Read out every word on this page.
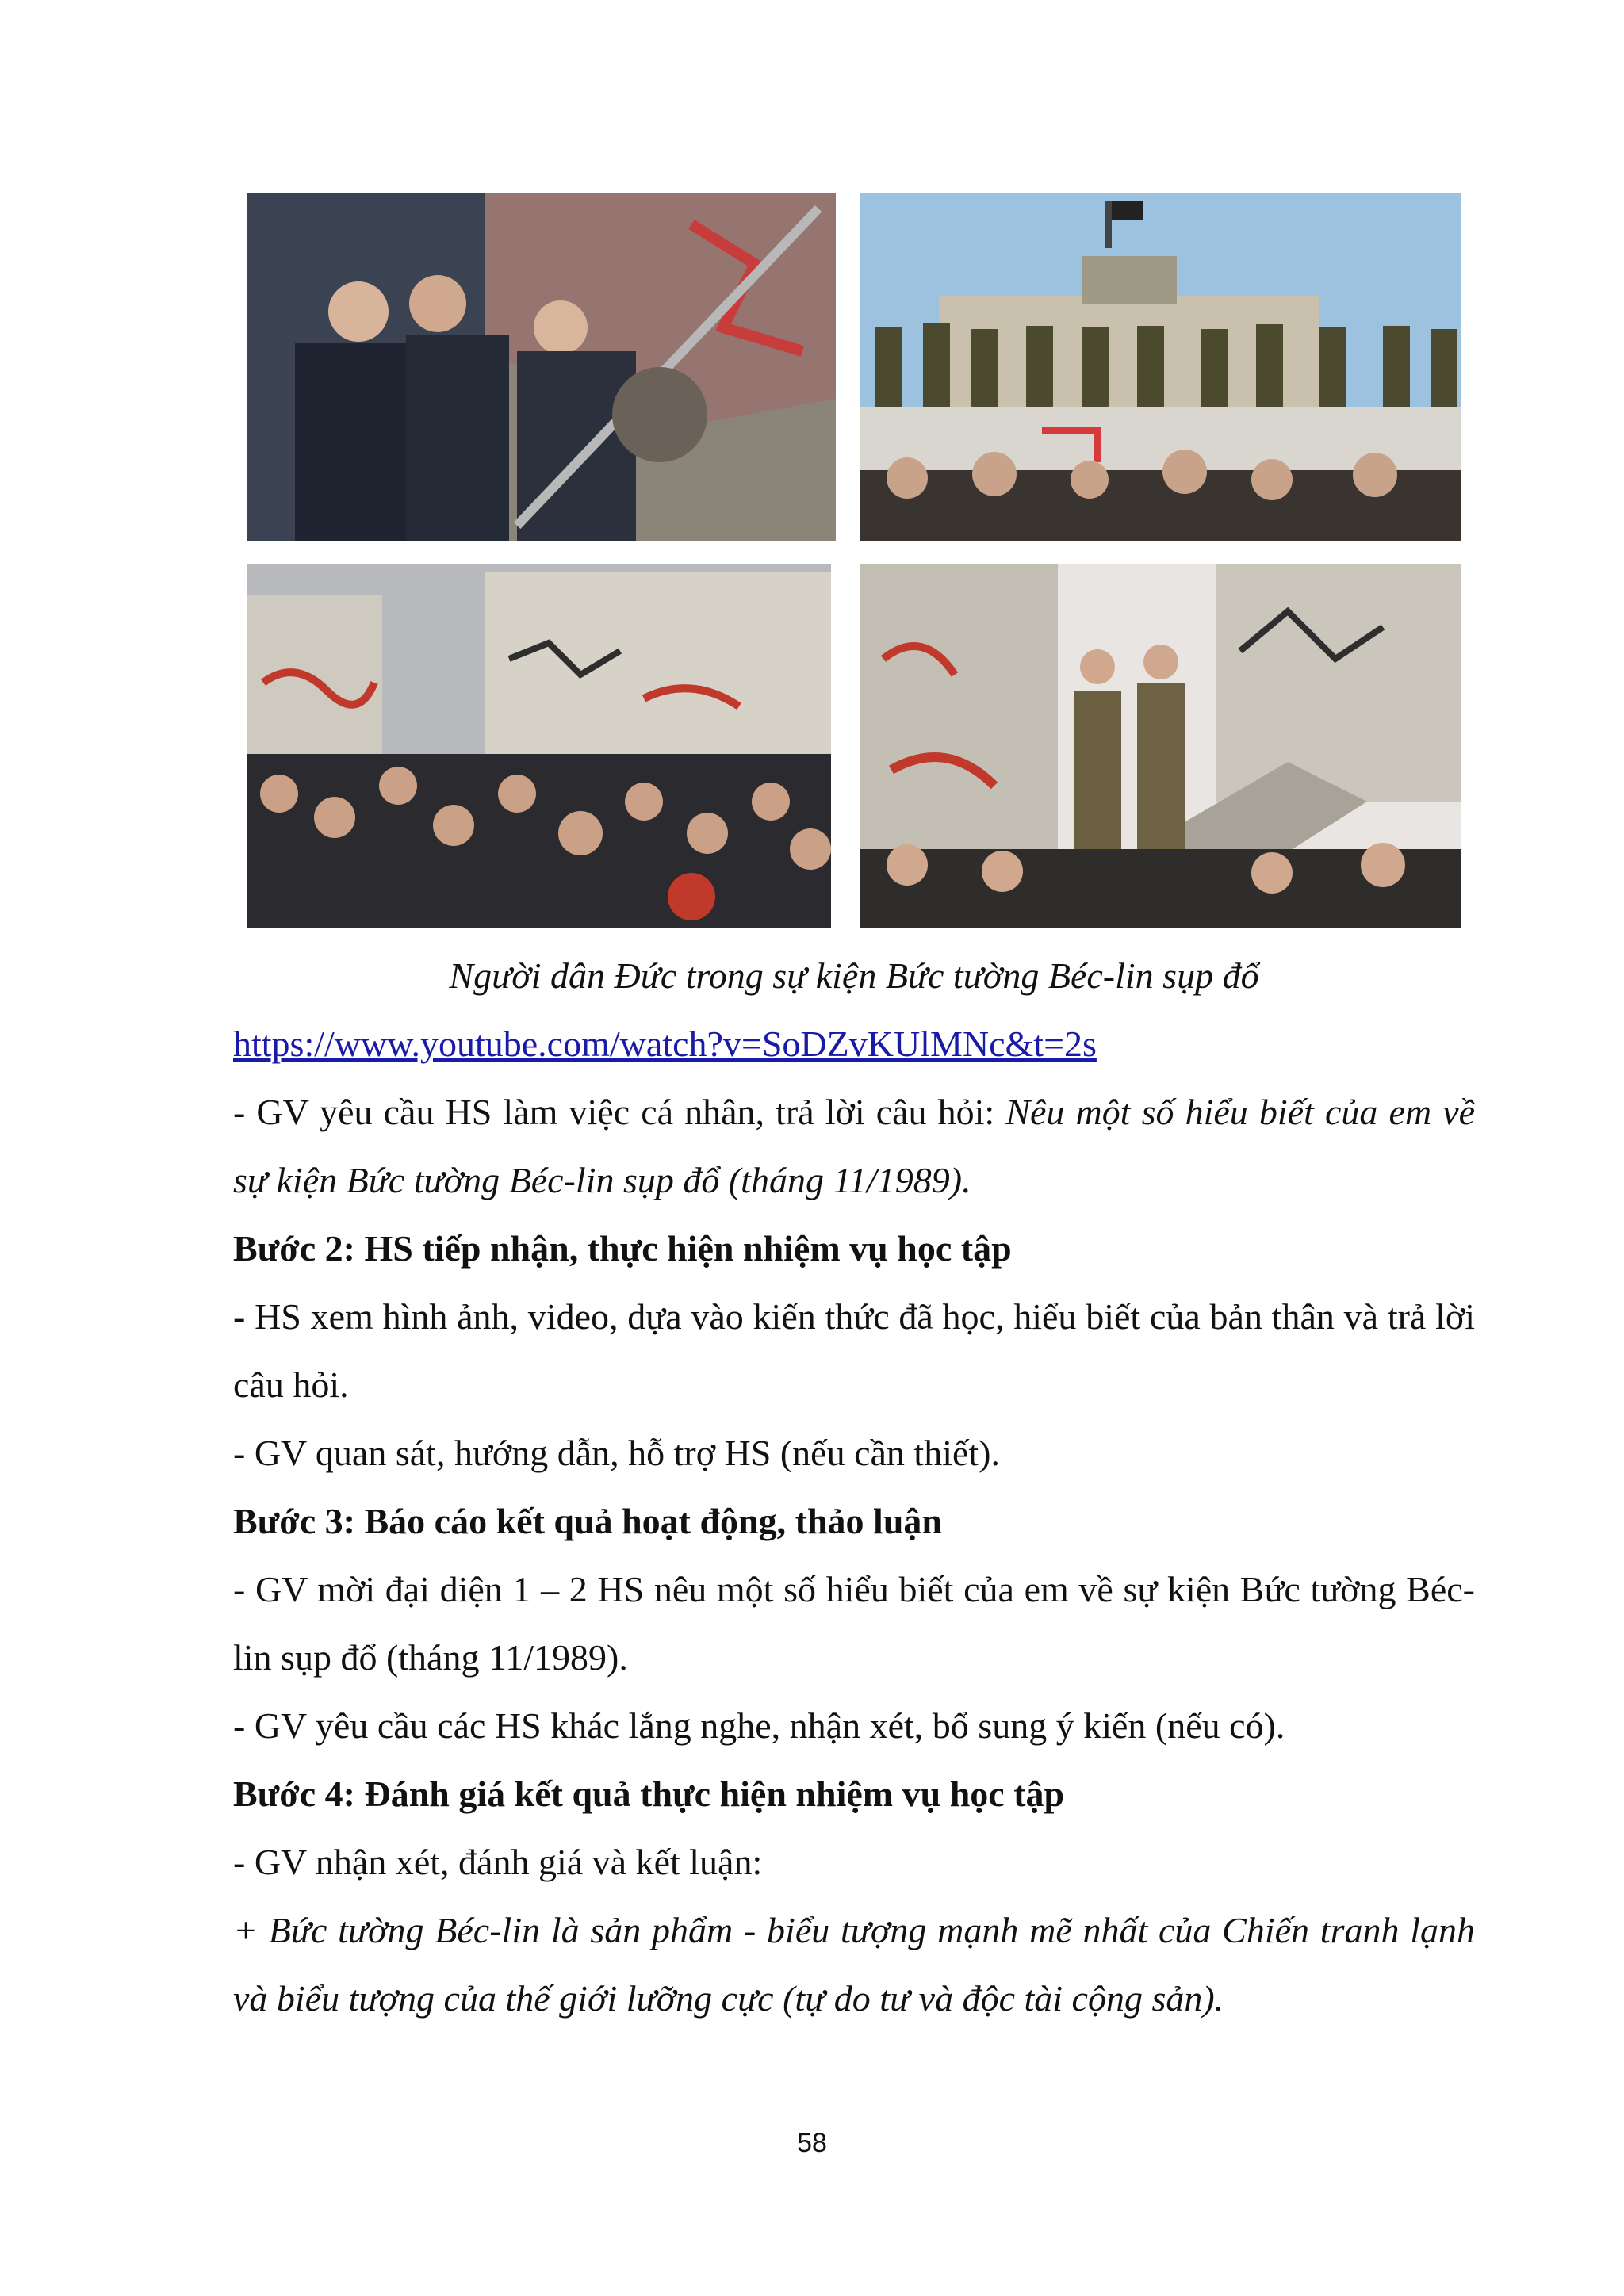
Người dân Đức trong sự kiện Bức tường Béc-lin sụp đổ
https://www.youtube.com/watch?v=SoDZvKUlMNc&t=2s

- GV yêu cầu HS làm việc cá nhân, trả lời câu hỏi: Nêu một số hiểu biết của em về sự kiện Bức tường Béc-lin sụp đổ (tháng 11/1989).

Bước 2: HS tiếp nhận, thực hiện nhiệm vụ học tập

- HS xem hình ảnh, video, dựa vào kiến thức đã học, hiểu biết của bản thân và trả lời câu hỏi.

- GV quan sát, hướng dẫn, hỗ trợ HS (nếu cần thiết).

Bước 3: Báo cáo kết quả hoạt động, thảo luận

- GV mời đại diện 1 – 2 HS nêu một số hiểu biết của em về sự kiện Bức tường Béc-lin sụp đổ (tháng 11/1989).

- GV yêu cầu các HS khác lắng nghe, nhận xét, bổ sung ý kiến (nếu có).

Bước 4: Đánh giá kết quả thực hiện nhiệm vụ học tập

- GV nhận xét, đánh giá và kết luận:

+ Bức tường Béc-lin là sản phẩm - biểu tượng mạnh mẽ nhất của Chiến tranh lạnh và biểu tượng của thế giới lưỡng cực (tự do tư và độc tài cộng sản).

58
